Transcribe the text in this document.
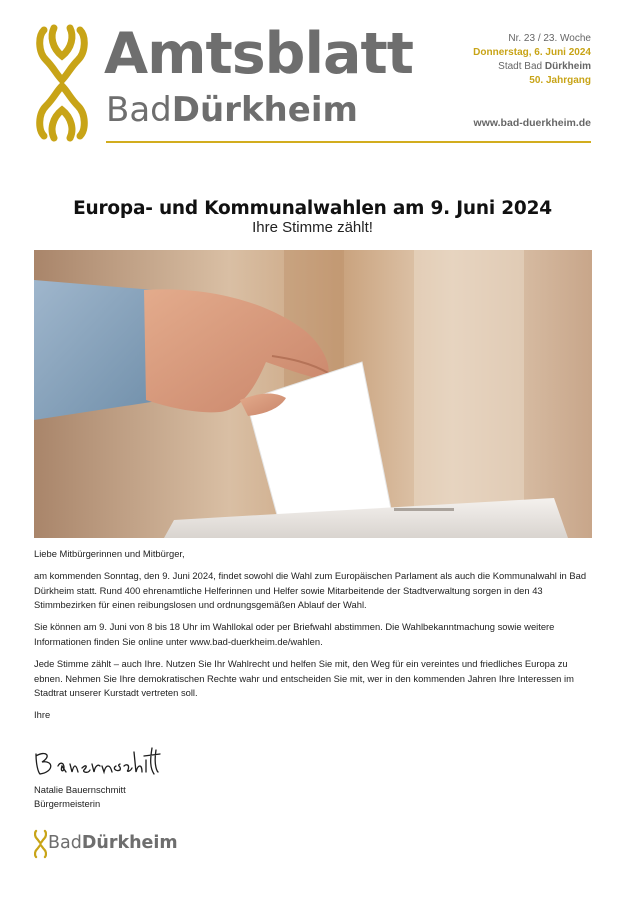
Amtsblatt
BadDürkheim
Nr. 23 / 23. Woche
Donnerstag, 6. Juni 2024
Stadt Bad Dürkheim
50. Jahrgang
www.bad-duerkheim.de
Europa- und Kommunalwahlen am 9. Juni 2024
Ihre Stimme zählt!

Liebe Mitbürgerinnen und Mitbürger,

am kommenden Sonntag, den 9. Juni 2024, findet sowohl die Wahl zum Europäischen Parlament als auch die Kommunalwahl in Bad Dürkheim statt. Rund 400 ehrenamtliche Helferinnen und Helfer sowie Mitarbeitende der Stadtverwaltung sorgen in den 43 Stimmbezirken für einen reibungslosen und ordnungsgemäßen Ablauf der Wahl.

Sie können am 9. Juni von 8 bis 18 Uhr im Wahllokal oder per Briefwahl abstimmen. Die Wahlbekanntmachung sowie weitere Informationen finden Sie online unter www.bad-duerkheim.de/wahlen.

Jede Stimme zählt – auch Ihre. Nutzen Sie Ihr Wahlrecht und helfen Sie mit, den Weg für ein vereintes und friedliches Europa zu ebnen. Nehmen Sie Ihre demokratischen Rechte wahr und entscheiden Sie mit, wer in den kommenden Jahren Ihre Interessen im Stadtrat unserer Kurstadt vertreten soll.

Ihre

Natalie Bauernschmitt
Bürgermeisterin
BadDürkheim
